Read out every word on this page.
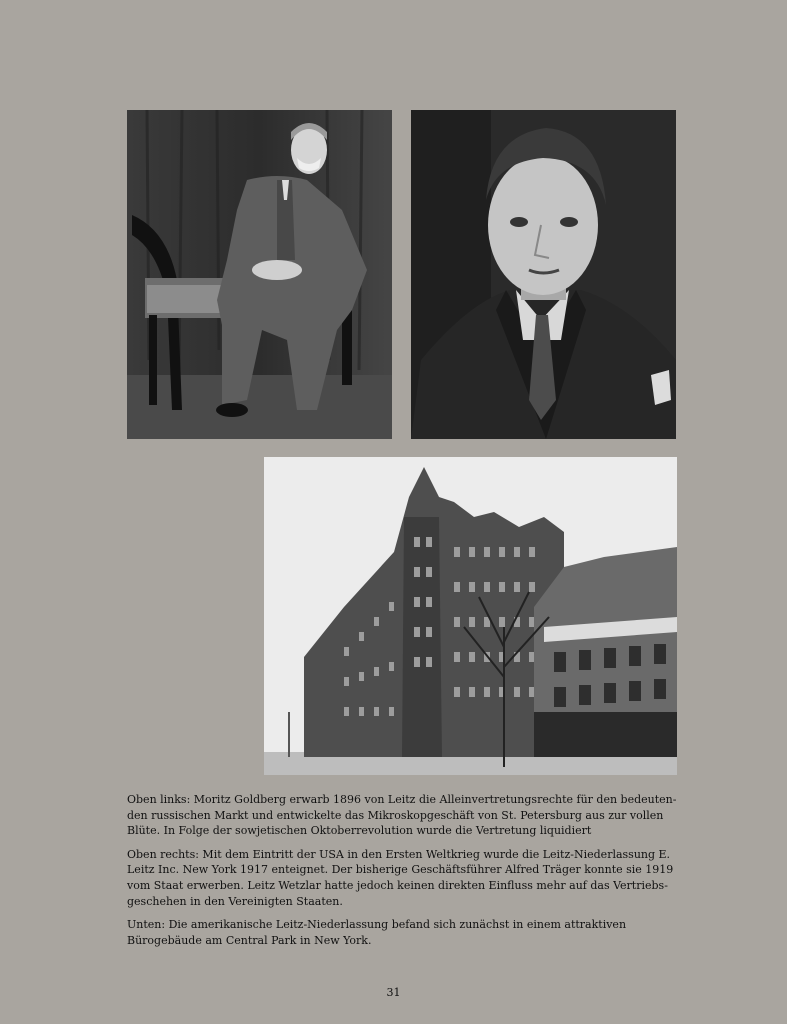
Oben links: Moritz Goldberg erwarb 1896 von Leitz die Alleinvertretungsrechte für den bedeuten-den russischen Markt und entwickelte das Mikroskopgeschäft von St. Petersburg aus zur vollen Blüte. In Folge der sowjetischen Oktoberrevolution wurde die Vertretung liquidiert

Oben rechts: Mit dem Eintritt der USA in den Ersten Weltkrieg wurde die Leitz-Niederlassung E. Leitz Inc. New York 1917 enteignet. Der bisherige Geschäftsführer Alfred Träger konnte sie 1919 vom Staat erwerben. Leitz Wetzlar hatte jedoch keinen direkten Einfluss mehr auf das Vertriebs-geschehen in den Vereinigten Staaten.

Unten: Die amerikanische Leitz-Niederlassung befand sich zunächst in einem attraktiven Bürogebäude am Central Park in New York.

31
